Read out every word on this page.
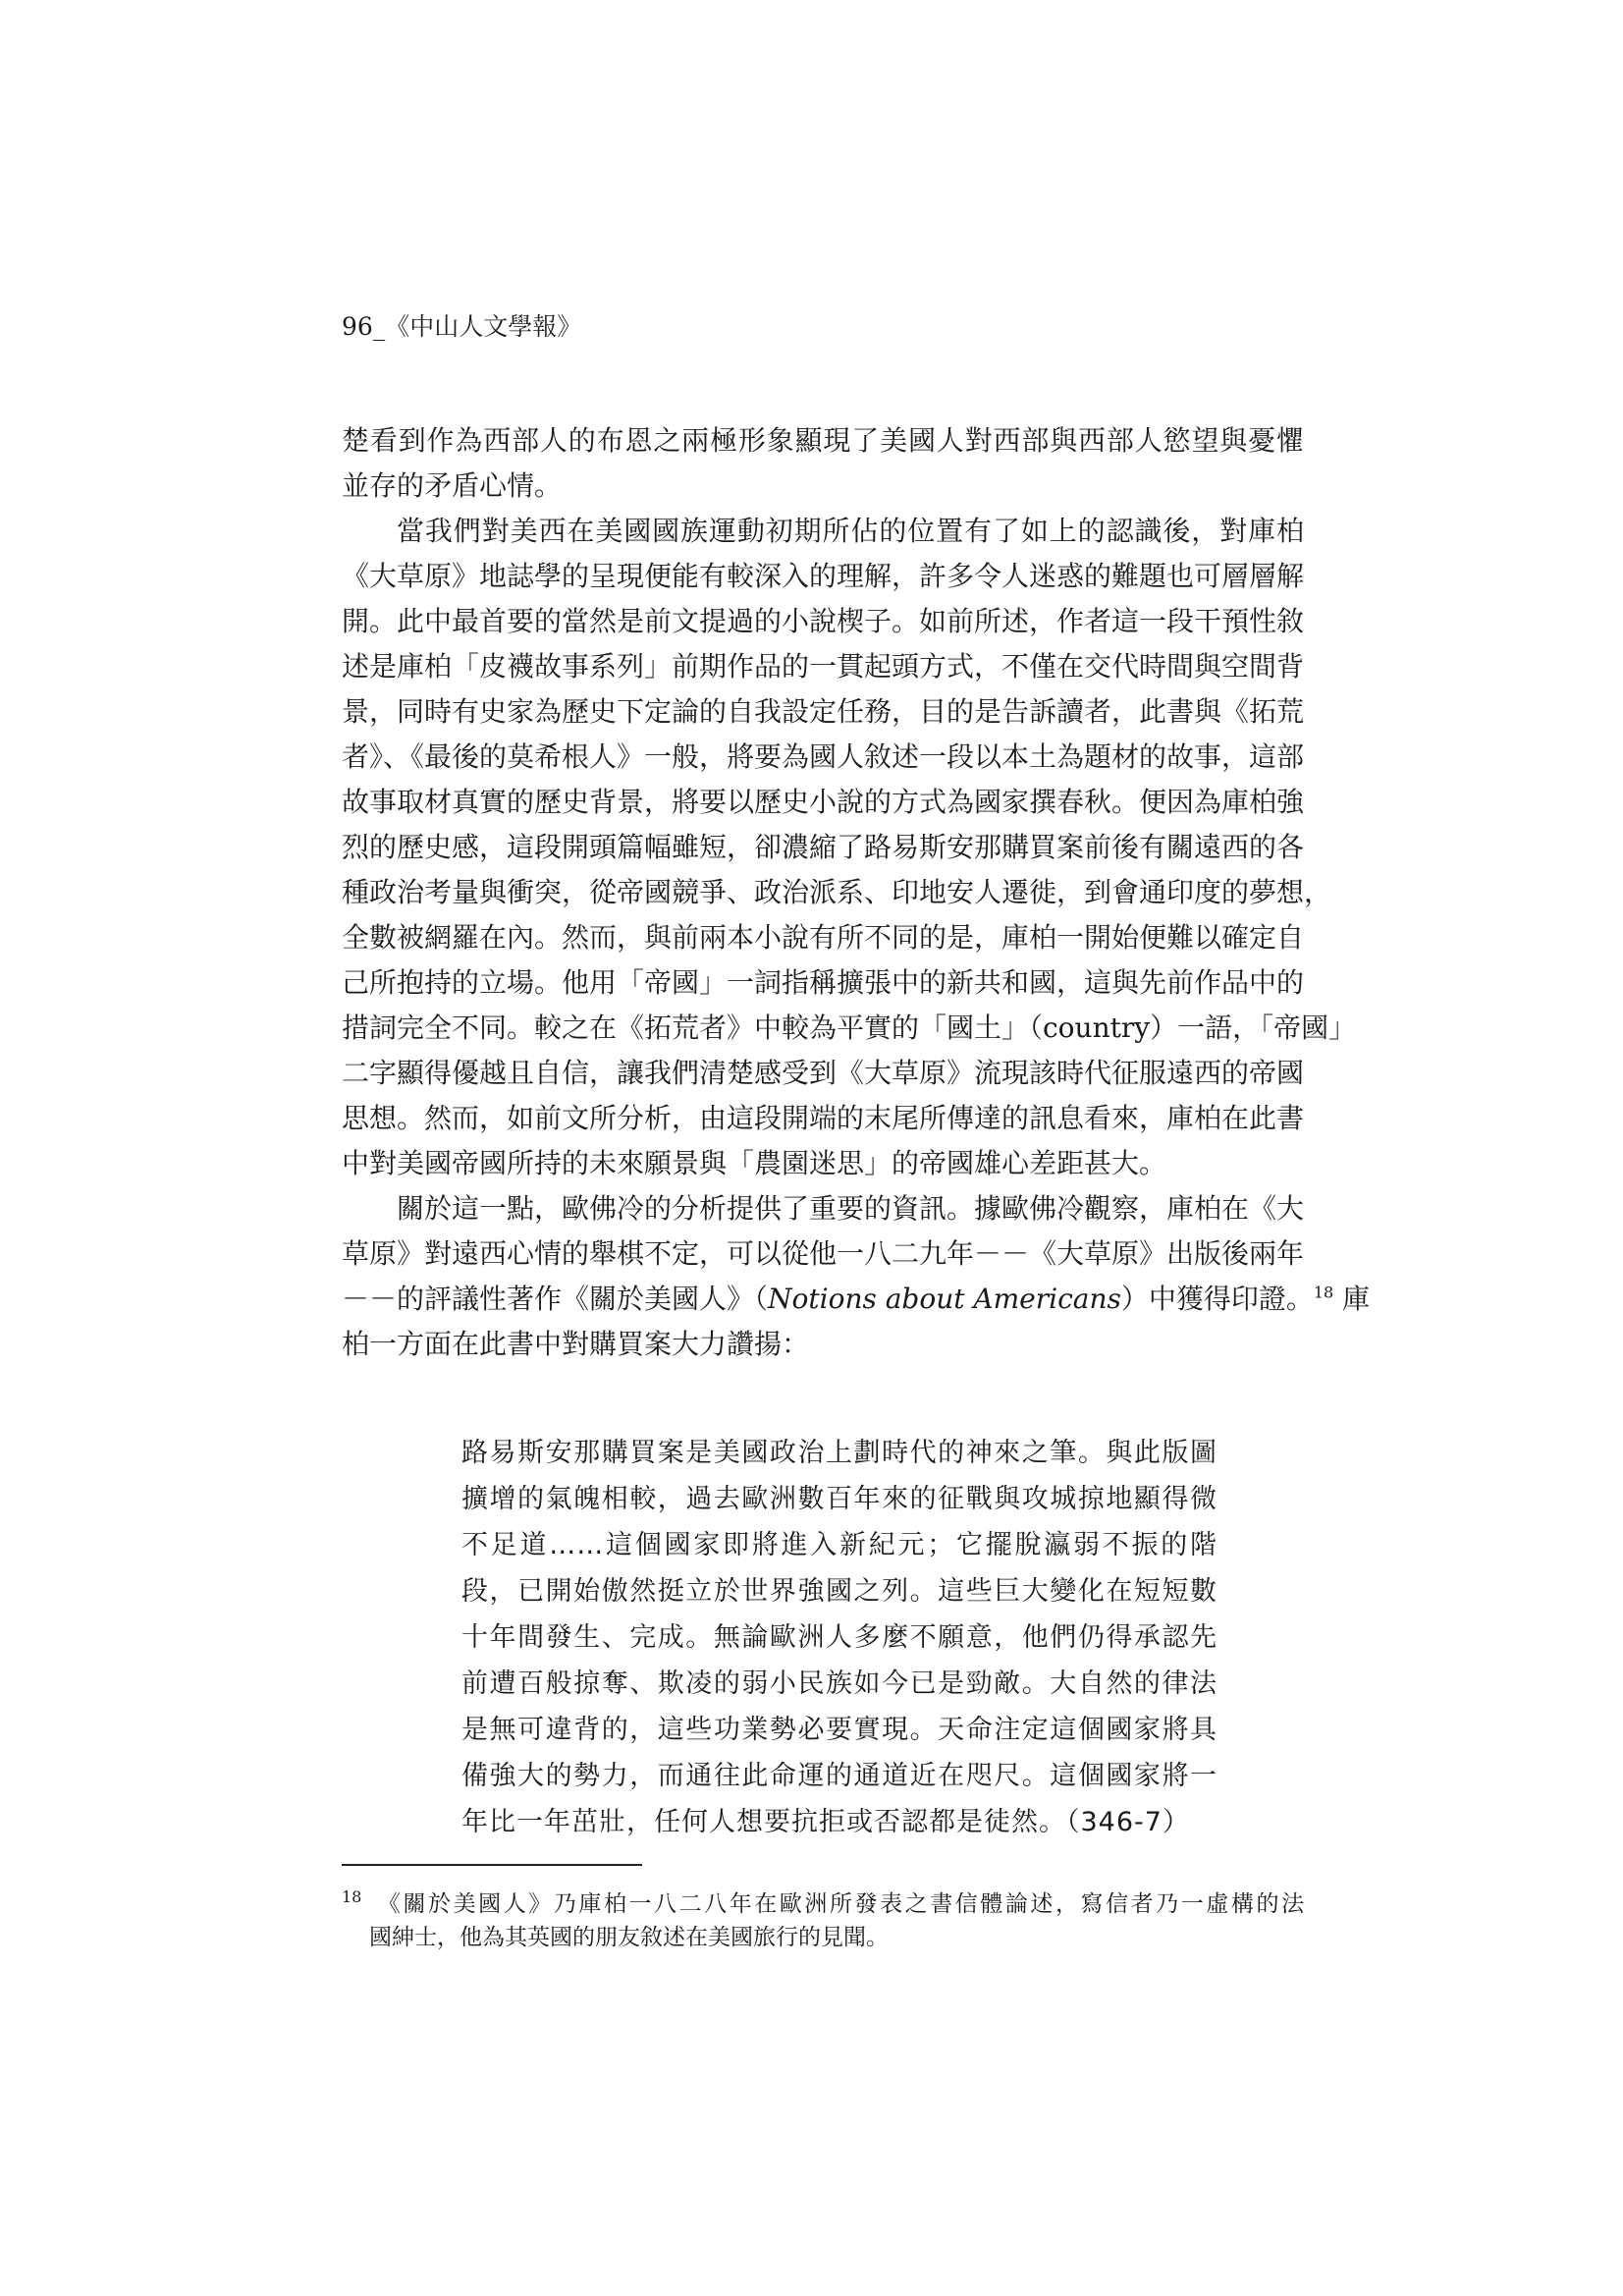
96_《中山人文學報》
楚看到作為西部人的布恩之兩極形象顯現了美國人對西部與西部人慾望與憂懼
並存的矛盾心情。
當我們對美西在美國國族運動初期所佔的位置有了如上的認識後，對庫柏
《大草原》地誌學的呈現便能有較深入的理解，許多令人迷惑的難題也可層層解
開。此中最首要的當然是前文提過的小說楔子。如前所述，作者這一段干預性敘
述是庫柏「皮襪故事系列」前期作品的一貫起頭方式，不僅在交代時間與空間背
景，同時有史家為歷史下定論的自我設定任務，目的是告訴讀者，此書與《拓荒
者》、《最後的莫希根人》一般，將要為國人敘述一段以本土為題材的故事，這部
故事取材真實的歷史背景，將要以歷史小說的方式為國家撰春秋。便因為庫柏強
烈的歷史感，這段開頭篇幅雖短，卻濃縮了路易斯安那購買案前後有關遠西的各
種政治考量與衝突，從帝國競爭、政治派系、印地安人遷徙，到會通印度的夢想，
全數被網羅在內。然而，與前兩本小說有所不同的是，庫柏一開始便難以確定自
己所抱持的立場。他用「帝國」一詞指稱擴張中的新共和國，這與先前作品中的
措詞完全不同。較之在《拓荒者》中較為平實的「國土」（country）一語，「帝國」
二字顯得優越且自信，讓我們清楚感受到《大草原》流現該時代征服遠西的帝國
思想。然而，如前文所分析，由這段開端的末尾所傳達的訊息看來，庫柏在此書
中對美國帝國所持的未來願景與「農園迷思」的帝國雄心差距甚大。
關於這一點，歐佛冷的分析提供了重要的資訊。據歐佛冷觀察，庫柏在《大
草原》對遠西心情的舉棋不定，可以從他一八二九年－－《大草原》出版後兩年
－－的評議性著作《關於美國人》（Notions about Americans）中獲得印證。$^{18}$ 庫
柏一方面在此書中對購買案大力讚揚：
路易斯安那購買案是美國政治上劃時代的神來之筆。與此版圖
擴增的氣魄相較，過去歐洲數百年來的征戰與攻城掠地顯得微
不足道……這個國家即將進入新紀元；它擺脫瀛弱不振的階
段，已開始傲然挺立於世界強國之列。這些巨大變化在短短數
十年間發生、完成。無論歐洲人多麼不願意，他們仍得承認先
前遭百般掠奪、欺凌的弱小民族如今已是勁敵。大自然的律法
是無可違背的，這些功業勢必要實現。天命注定這個國家將具
備強大的勢力，而通往此命運的通道近在咫尺。這個國家將一
年比一年茁壯，任何人想要抗拒或否認都是徒然。（346-7）
$^{18}$ 《關於美國人》乃庫柏一八二八年在歐洲所發表之書信體論述，寫信者乃一虛構的法
國紳士，他為其英國的朋友敘述在美國旅行的見聞。
